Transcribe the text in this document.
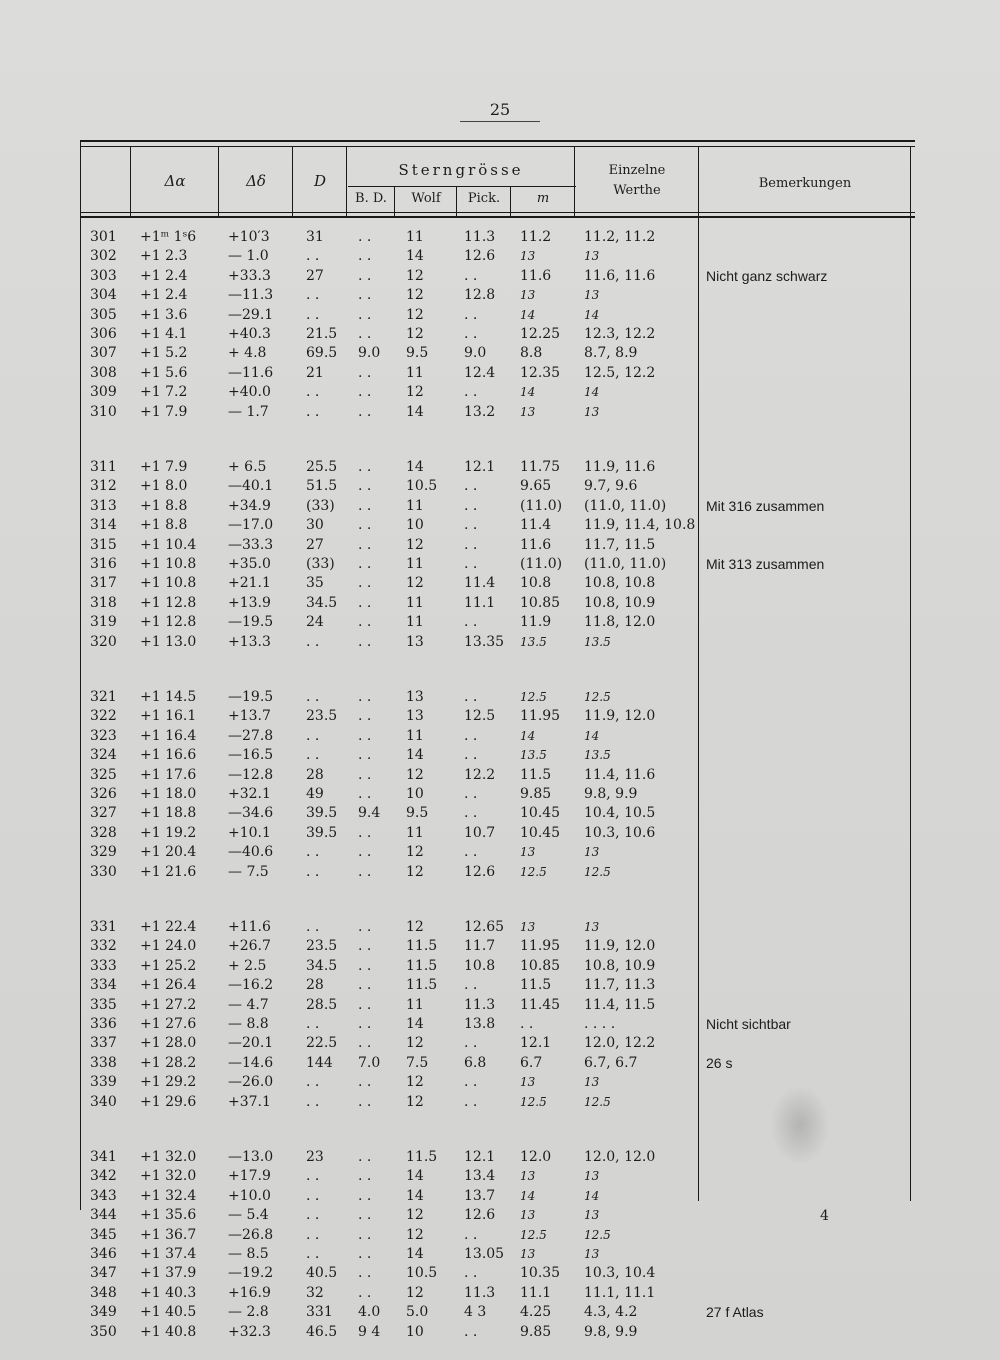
25
Δα	Δδ	D
Sterngrösse
B. D.	Wolf	Pick.	m
Einzelne
Werthe	Bemerkungen
301	+1ᵐ 1ˢ6	+10′3	31	. .	11	11.3	11.2	11.2, 11.2
302	+1 2.3	— 1.0	. .	. .	14	12.6	13	13
303	+1 2.4	+33.3	27	. .	12	. .	11.6	11.6, 11.6	Nicht ganz schwarz
304	+1 2.4	—11.3	. .	. .	12	12.8	13	13
305	+1 3.6	—29.1	. .	. .	12	. .	14	14
306	+1 4.1	+40.3	21.5	. .	12	. .	12.25	12.3, 12.2
307	+1 5.2	+ 4.8	69.5	9.0	9.5	9.0	8.8	8.7, 8.9
308	+1 5.6	—11.6	21	. .	11	12.4	12.35	12.5, 12.2
309	+1 7.2	+40.0	. .	. .	12	. .	14	14
310	+1 7.9	— 1.7	. .	. .	14	13.2	13	13
311	+1 7.9	+ 6.5	25.5	. .	14	12.1	11.75	11.9, 11.6
312	+1 8.0	—40.1	51.5	. .	10.5	. .	9.65	9.7, 9.6
313	+1 8.8	+34.9	(33)	. .	11	. .	(11.0)	(11.0, 11.0)	Mit 316 zusammen
314	+1 8.8	—17.0	30	. .	10	. .	11.4	11.9, 11.4, 10.8
315	+1 10.4	—33.3	27	. .	12	. .	11.6	11.7, 11.5
316	+1 10.8	+35.0	(33)	. .	11	. .	(11.0)	(11.0, 11.0)	Mit 313 zusammen
317	+1 10.8	+21.1	35	. .	12	11.4	10.8	10.8, 10.8
318	+1 12.8	+13.9	34.5	. .	11	11.1	10.85	10.8, 10.9
319	+1 12.8	—19.5	24	. .	11	. .	11.9	11.8, 12.0
320	+1 13.0	+13.3	. .	. .	13	13.35	13.5	13.5
321	+1 14.5	—19.5	. .	. .	13	. .	12.5	12.5
322	+1 16.1	+13.7	23.5	. .	13	12.5	11.95	11.9, 12.0
323	+1 16.4	—27.8	. .	. .	11	. .	14	14
324	+1 16.6	—16.5	. .	. .	14	. .	13.5	13.5
325	+1 17.6	—12.8	28	. .	12	12.2	11.5	11.4, 11.6
326	+1 18.0	+32.1	49	. .	10	. .	9.85	9.8, 9.9
327	+1 18.8	—34.6	39.5	9.4	9.5	. .	10.45	10.4, 10.5
328	+1 19.2	+10.1	39.5	. .	11	10.7	10.45	10.3, 10.6
329	+1 20.4	—40.6	. .	. .	12	. .	13	13
330	+1 21.6	— 7.5	. .	. .	12	12.6	12.5	12.5
331	+1 22.4	+11.6	. .	. .	12	12.65	13	13
332	+1 24.0	+26.7	23.5	. .	11.5	11.7	11.95	11.9, 12.0
333	+1 25.2	+ 2.5	34.5	. .	11.5	10.8	10.85	10.8, 10.9
334	+1 26.4	—16.2	28	. .	11.5	. .	11.5	11.7, 11.3
335	+1 27.2	— 4.7	28.5	. .	11	11.3	11.45	11.4, 11.5
336	+1 27.6	— 8.8	. .	. .	14	13.8	. .	. . . .	Nicht sichtbar
337	+1 28.0	—20.1	22.5	. .	12	. .	12.1	12.0, 12.2
338	+1 28.2	—14.6	144	7.0	7.5	6.8	6.7	6.7, 6.7	26 s
339	+1 29.2	—26.0	. .	. .	12	. .	13	13
340	+1 29.6	+37.1	. .	. .	12	. .	12.5	12.5
341	+1 32.0	—13.0	23	. .	11.5	12.1	12.0	12.0, 12.0
342	+1 32.0	+17.9	. .	. .	14	13.4	13	13
343	+1 32.4	+10.0	. .	. .	14	13.7	14	14
344	+1 35.6	— 5.4	. .	. .	12	12.6	13	13
345	+1 36.7	—26.8	. .	. .	12	. .	12.5	12.5
346	+1 37.4	— 8.5	. .	. .	14	13.05	13	13
347	+1 37.9	—19.2	40.5	. .	10.5	. .	10.35	10.3, 10.4
348	+1 40.3	+16.9	32	. .	12	11.3	11.1	11.1, 11.1
349	+1 40.5	— 2.8	331	4.0	5.0	4 3	4.25	4.3, 4.2	27 f Atlas
350	+1 40.8	+32.3	46.5	9 4	10	. .	9.85	9.8, 9.9
4
